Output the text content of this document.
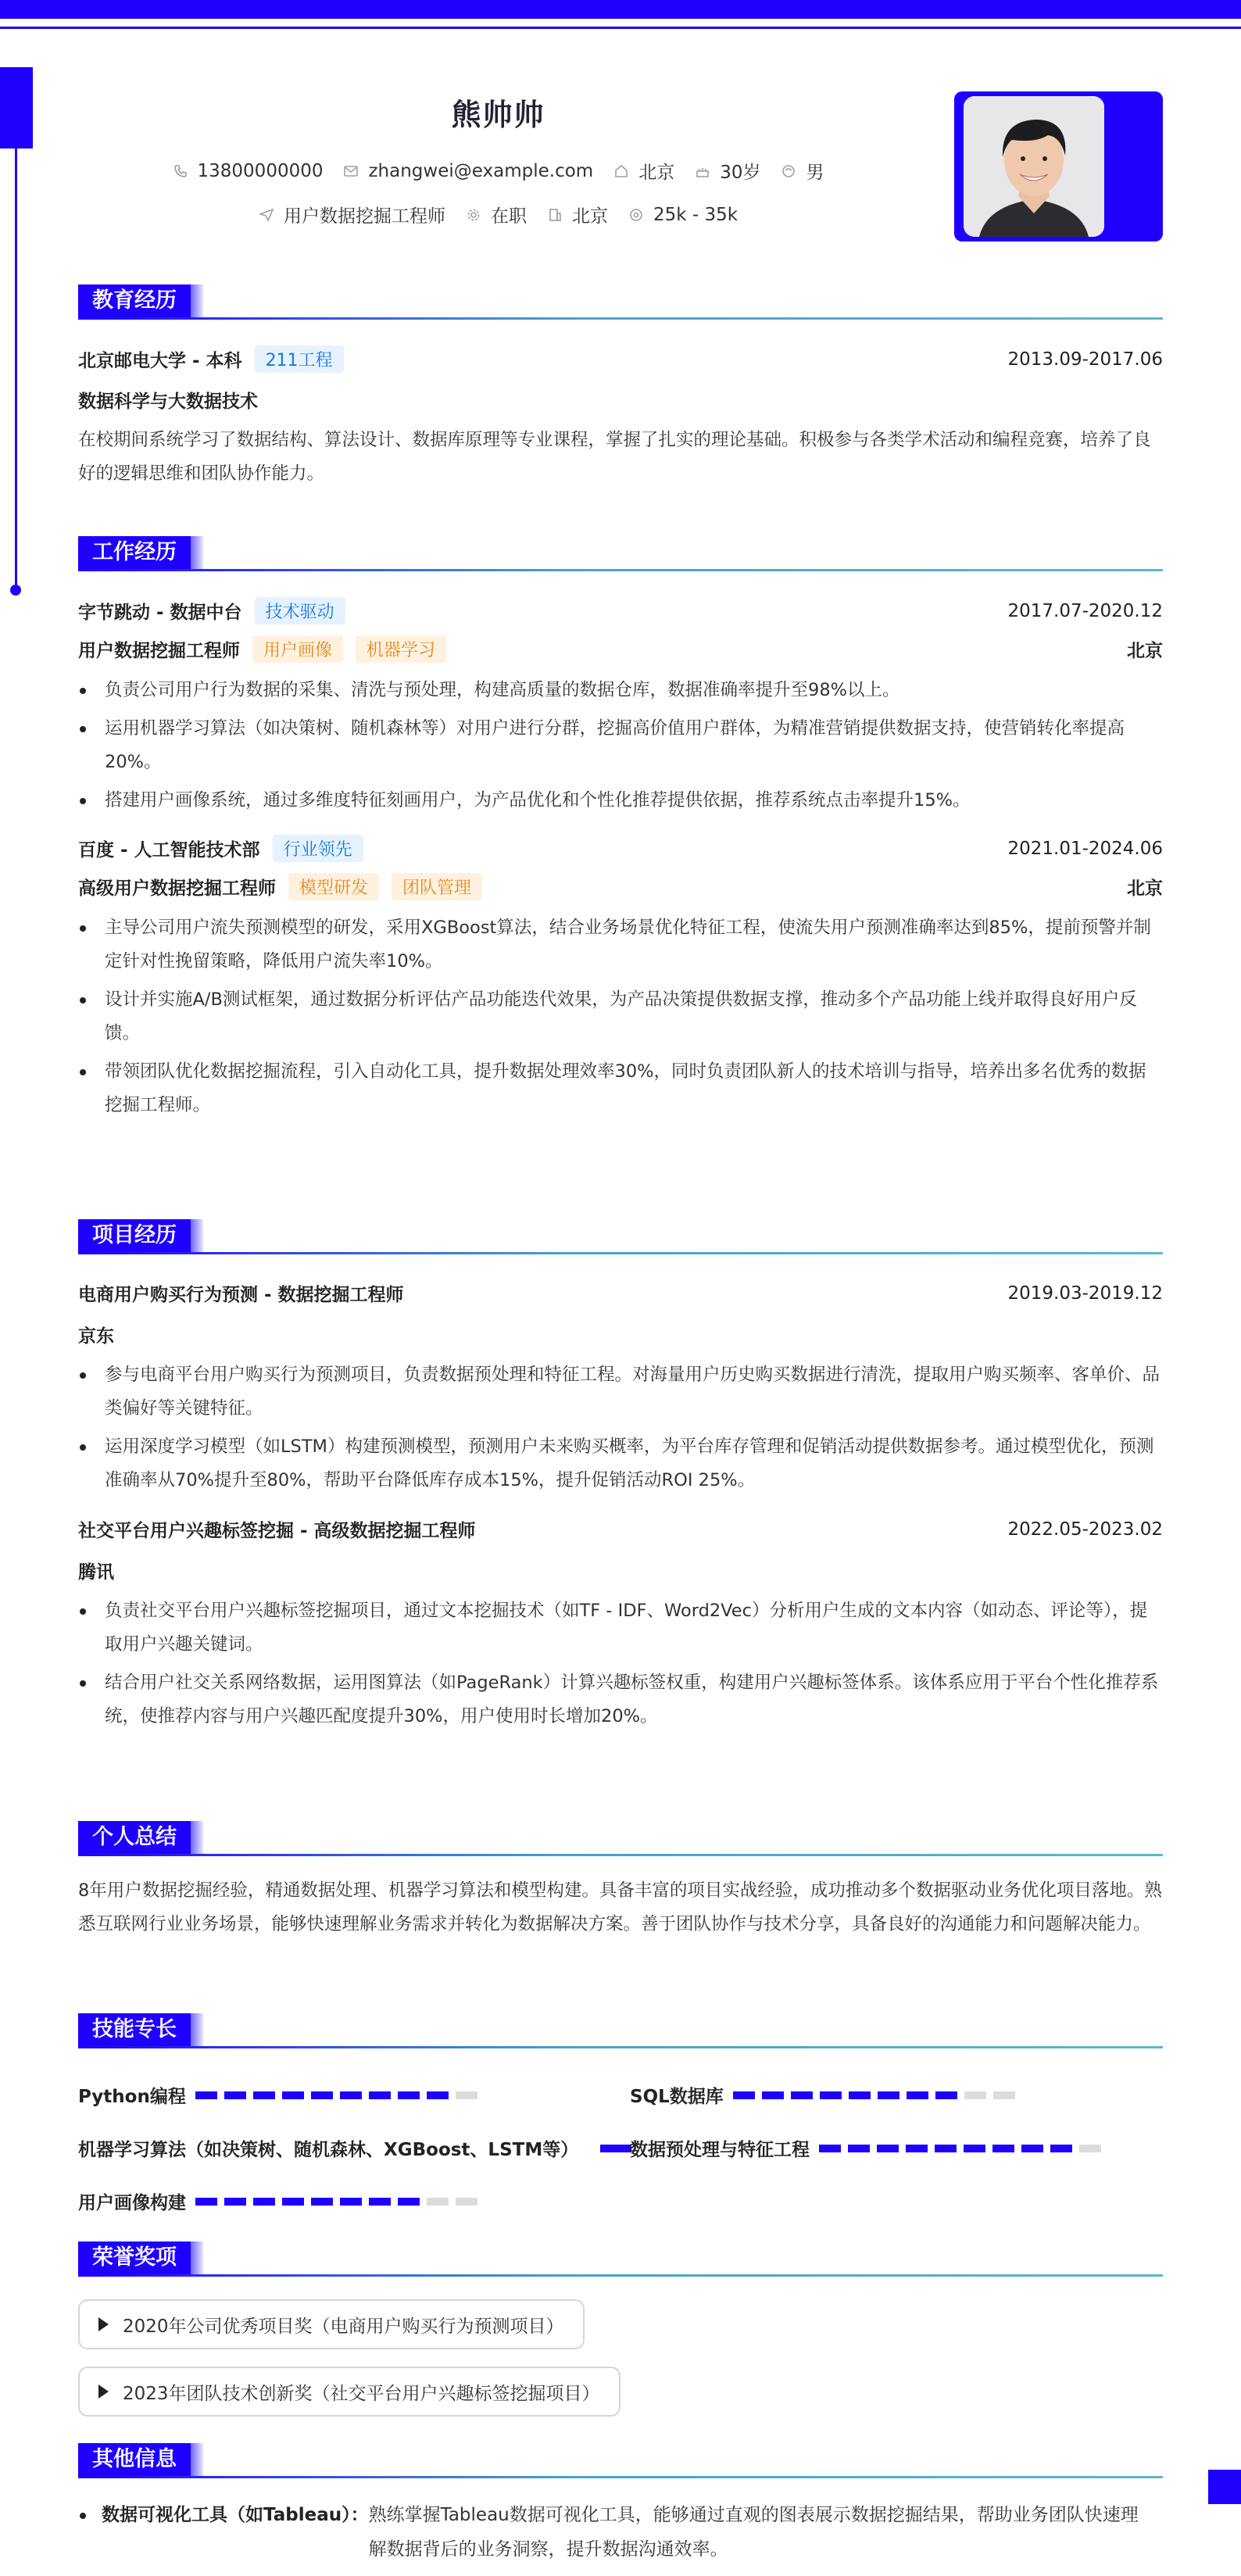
熊帅帅
13800000000	zhangwei@example.com	北京	30岁	男
用户数据挖掘工程师	在职	北京	25k - 35k
教育经历
北京邮电大学 - 本科	211工程	2013.09-2017.06
数据科学与大数据技术

在校期间系统学习了数据结构、算法设计、数据库原理等专业课程，掌握了扎实的理论基础。积极参与各类学术活动和编程竞赛，培养了良好的逻辑思维和团队协作能力。

工作经历
字节跳动 - 数据中台	技术驱动	2017.07-2020.12
用户数据挖掘工程师	用户画像	机器学习	北京
负责公司用户行为数据的采集、清洗与预处理，构建高质量的数据仓库，数据准确率提升至98%以上。
运用机器学习算法（如决策树、随机森林等）对用户进行分群，挖掘高价值用户群体，为精准营销提供数据支持，使营销转化率提高20%。
搭建用户画像系统，通过多维度特征刻画用户，为产品优化和个性化推荐提供依据，推荐系统点击率提升15%。
百度 - 人工智能技术部	行业领先	2021.01-2024.06
高级用户数据挖掘工程师	模型研发	团队管理	北京
主导公司用户流失预测模型的研发，采用XGBoost算法，结合业务场景优化特征工程，使流失用户预测准确率达到85%，提前预警并制定针对性挽留策略，降低用户流失率10%。
设计并实施A/B测试框架，通过数据分析评估产品功能迭代效果，为产品决策提供数据支撑，推动多个产品功能上线并取得良好用户反馈。
带领团队优化数据挖掘流程，引入自动化工具，提升数据处理效率30%，同时负责团队新人的技术培训与指导，培养出多名优秀的数据挖掘工程师。
项目经历
电商用户购买行为预测 - 数据挖掘工程师	2019.03-2019.12
京东
参与电商平台用户购买行为预测项目，负责数据预处理和特征工程。对海量用户历史购买数据进行清洗，提取用户购买频率、客单价、品类偏好等关键特征。
运用深度学习模型（如LSTM）构建预测模型，预测用户未来购买概率，为平台库存管理和促销活动提供数据参考。通过模型优化，预测准确率从70%提升至80%，帮助平台降低库存成本15%，提升促销活动ROI 25%。
社交平台用户兴趣标签挖掘 - 高级数据挖掘工程师	2022.05-2023.02
腾讯
负责社交平台用户兴趣标签挖掘项目，通过文本挖掘技术（如TF - IDF、Word2Vec）分析用户生成的文本内容（如动态、评论等），提取用户兴趣关键词。
结合用户社交关系网络数据，运用图算法（如PageRank）计算兴趣标签权重，构建用户兴趣标签体系。该体系应用于平台个性化推荐系统，使推荐内容与用户兴趣匹配度提升30%，用户使用时长增加20%。
个人总结

8年用户数据挖掘经验，精通数据处理、机器学习算法和模型构建。具备丰富的项目实战经验，成功推动多个数据驱动业务优化项目落地。熟悉互联网行业业务场景，能够快速理解业务需求并转化为数据解决方案。善于团队协作与技术分享，具备良好的沟通能力和问题解决能力。

技能专长
Python编程	SQL数据库
机器学习算法（如决策树、随机森林、XGBoost、LSTM等）	数据预处理与特征工程
用户画像构建
荣誉奖项
2020年公司优秀项目奖（电商用户购买行为预测项目）
2023年团队技术创新奖（社交平台用户兴趣标签挖掘项目）
其他信息
数据可视化工具（如Tableau）： 熟练掌握Tableau数据可视化工具，能够通过直观的图表展示数据挖掘结果，帮助业务团队快速理解数据背后的业务洞察，提升数据沟通效率。
